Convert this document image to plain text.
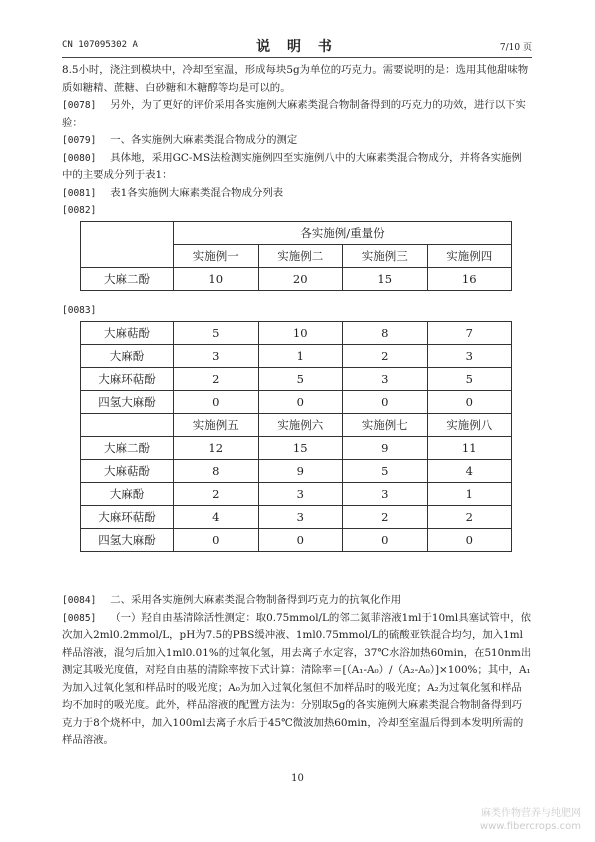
CN 107095302 A	说 明 书	7/10 页

8.5小时，浇注到模块中，冷却至室温，形成每块5g为单位的巧克力。需要说明的是：选用其他甜味物质如糖精、蔗糖、白砂糖和木糖醇等均是可以的。

[0078] 另外，为了更好的评价采用各实施例大麻素类混合物制备得到的巧克力的功效，进行以下实验：

[0079] 一、各实施例大麻素类混合物成分的测定

[0080] 具体地，采用GC-MS法检测实施例四至实施例八中的大麻素类混合物成分，并将各实施例中的主要成分列于表1：

[0081] 表1各实施例大麻素类混合物成分列表

[0082]

	各实施例/重量份			
	实施例一	实施例二	实施例三	实施例四
大麻二酚	10	20	15	16
[0083]
大麻萜酚	5	10	8	7
大麻酚	3	1	2	3
大麻环萜酚	2	5	3	5
四氢大麻酚	0	0	0	0
	实施例五	实施例六	实施例七	实施例八
大麻二酚	12	15	9	11
大麻萜酚	8	9	5	4
大麻酚	2	3	3	1
大麻环萜酚	4	3	2	2
四氢大麻酚	0	0	0	0

[0084] 二、采用各实施例大麻素类混合物制备得到巧克力的抗氧化作用

[0085] （一）羟自由基清除活性测定：取0.75mmol/L的邻二氮菲溶液1ml于10ml具塞试管中，依次加入2ml0.2mmol/L，pH为7.5的PBS缓冲液、1ml0.75mmol/L的硫酸亚铁混合均匀，加入1ml样品溶液，混匀后加入1ml0.01%的过氧化氢，用去离子水定容，37℃水浴加热60min，在510nm出测定其吸光度值，对羟自由基的清除率按下式计算：清除率＝[（A₁-A₀）/（A₂-A₀）]×100%；其中，A₁为加入过氧化氢和样品时的吸光度；A₀为加入过氧化氢但不加样品时的吸光度；A₂为过氧化氢和样品均不加时的吸光度。此外，样品溶液的配置方法为：分别取5g的各实施例大麻素类混合物制备得到巧克力于8个烧杯中，加入100ml去离子水后于45℃微波加热60min，冷却至室温后得到本发明所需的样品溶液。

10
麻类作物营养与纯肥网
www.fibercrops.com
